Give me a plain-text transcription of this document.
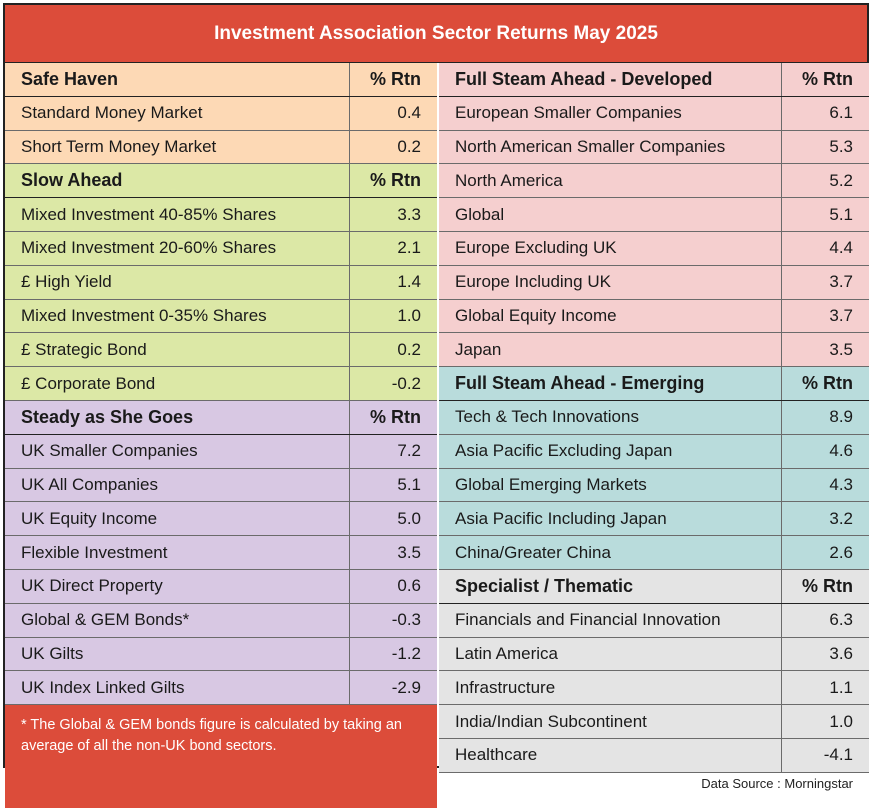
Investment Association Sector Returns May 2025
Safe Haven	% Rtn
Standard Money Market	0.4
Short Term Money Market	0.2
Slow Ahead	% Rtn
Mixed Investment 40-85% Shares	3.3
Mixed Investment 20-60% Shares	2.1
£ High Yield	1.4
Mixed Investment 0-35% Shares	1.0
£ Strategic Bond	0.2
£ Corporate Bond	-0.2
Steady as She Goes	% Rtn
UK Smaller Companies	7.2
UK All Companies	5.1
UK Equity Income	5.0
Flexible Investment	3.5
UK Direct Property	0.6
Global & GEM Bonds*	-0.3
UK Gilts	-1.2
UK Index Linked Gilts	-2.9
* The Global & GEM bonds figure is calculated by taking an average of all the non-UK bond sectors.
Full Steam Ahead - Developed	% Rtn
European Smaller Companies	6.1
North American Smaller Companies	5.3
North America	5.2
Global	5.1
Europe Excluding UK	4.4
Europe Including UK	3.7
Global Equity Income	3.7
Japan	3.5
Full Steam Ahead - Emerging	% Rtn
Tech & Tech Innovations	8.9
Asia Pacific Excluding Japan	4.6
Global Emerging Markets	4.3
Asia Pacific Including Japan	3.2
China/Greater China	2.6
Specialist / Thematic	% Rtn
Financials and Financial Innovation	6.3
Latin America	3.6
Infrastructure	1.1
India/Indian Subcontinent	1.0
Healthcare	-4.1
Data Source : Morningstar
